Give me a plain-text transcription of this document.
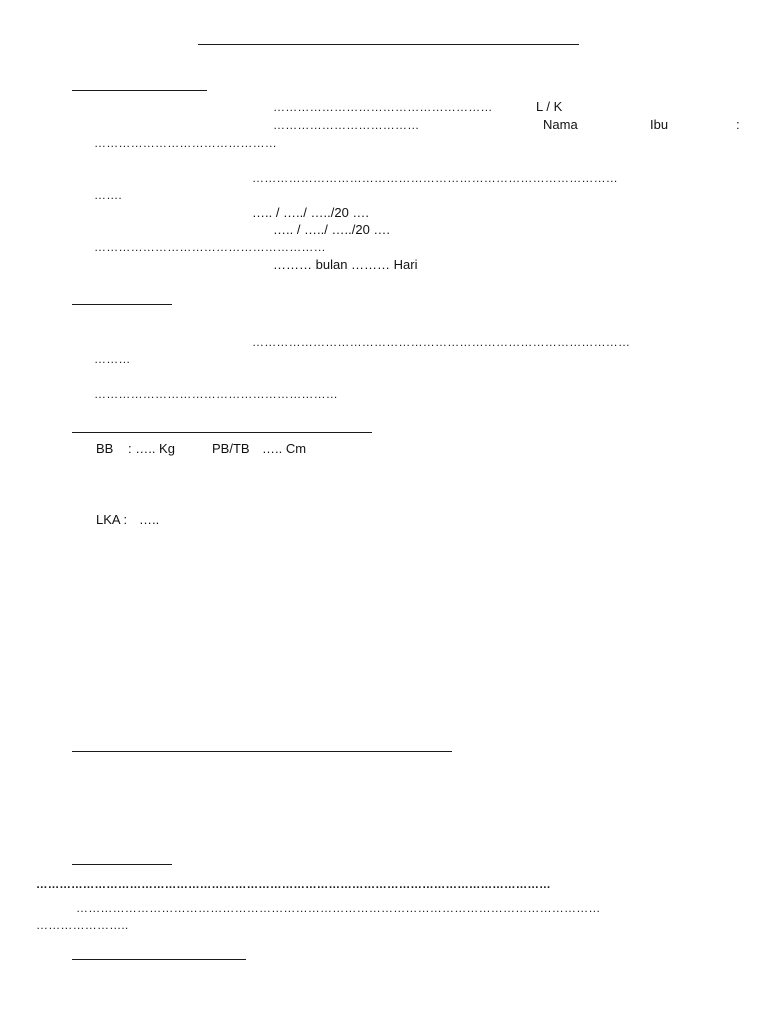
………………………………………………	L / K
………………………………	Nama	Ibu	:
………………………………………
………………………………………………………………………………
…….
….. / …../ …../20 ….
….. / …../ …../20 ….
…………………………………………………
……… bulan ……… Hari
…………………………………………………………………………………
………
……………………………………………………
BB : ….. Kg	PB/TB ….. Cm
LKA : …..
……………………………………………………………………………………………………………………
…………………………………………………………………………………………………………………
…………………..
